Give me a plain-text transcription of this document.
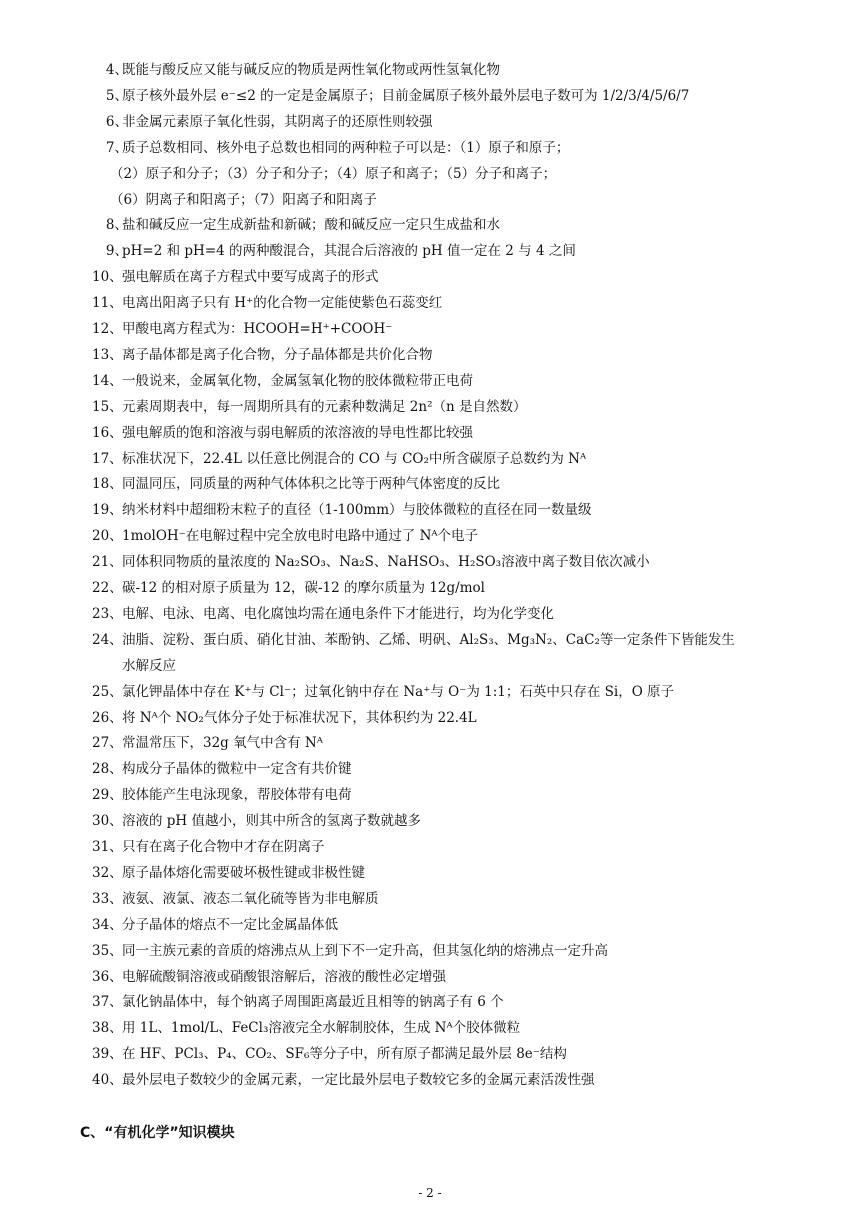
4、
既能与酸反应又能与碱反应的物质是两性氧化物或两性氢氧化物
5、
原子核外最外层 e⁻≤2 的一定是金属原子；目前金属原子核外最外层电子数可为 1/2/3/4/5/6/7
6、
非金属元素原子氧化性弱，其阴离子的还原性则较强
7、
质子总数相同、核外电子总数也相同的两种粒子可以是：（1）原子和原子；
（2）原子和分子；（3）分子和分子；（4）原子和离子；（5）分子和离子；
（6）阴离子和阳离子；（7）阳离子和阳离子
8、
盐和碱反应一定生成新盐和新碱；酸和碱反应一定只生成盐和水
9、
pH=2 和 pH=4 的两种酸混合，其混合后溶液的 pH 值一定在 2 与 4 之间
10、 强电解质在离子方程式中要写成离子的形式
11、 电离出阳离子只有 H⁺的化合物一定能使紫色石蕊变红
12、 甲酸电离方程式为：HCOOH=H⁺+COOH⁻
13、 离子晶体都是离子化合物，分子晶体都是共价化合物
14、 一般说来，金属氧化物，金属氢氧化物的胶体微粒带正电荷
15、 元素周期表中，每一周期所具有的元素种数满足 2n²（n 是自然数）
16、 强电解质的饱和溶液与弱电解质的浓溶液的导电性都比较强
17、 标准状况下，22.4L 以任意比例混合的 CO 与 CO₂中所含碳原子总数约为 Nᴬ
18、 同温同压，同质量的两种气体体积之比等于两种气体密度的反比
19、 纳米材料中超细粉末粒子的直径（1-100mm）与胶体微粒的直径在同一数量级
20、 1molOH⁻在电解过程中完全放电时电路中通过了 Nᴬ个电子
21、 同体积同物质的量浓度的 Na₂SO₃、Na₂S、NaHSO₃、H₂SO₃溶液中离子数目依次减小
22、 碳-12 的相对原子质量为 12，碳-12 的摩尔质量为 12g/mol
23、 电解、电泳、电离、电化腐蚀均需在通电条件下才能进行，均为化学变化
24、 油脂、淀粉、蛋白质、硝化甘油、苯酚钠、乙烯、明矾、Al₂S₃、Mg₃N₂、CaC₂等一定条件下皆能发生
水解反应
25、 氯化钾晶体中存在 K⁺与 Cl⁻；过氧化钠中存在 Na⁺与 O⁻为 1:1；石英中只存在 Si，O 原子
26、 将 Nᴬ个 NO₂气体分子处于标准状况下，其体积约为 22.4L
27、 常温常压下，32g 氧气中含有 Nᴬ
28、 构成分子晶体的微粒中一定含有共价键
29、 胶体能产生电泳现象，帮胶体带有电荷
30、 溶液的 pH 值越小，则其中所含的氢离子数就越多
31、 只有在离子化合物中才存在阴离子
32、 原子晶体熔化需要破坏极性键或非极性键
33、 液氨、液氯、液态二氧化硫等皆为非电解质
34、 分子晶体的熔点不一定比金属晶体低
35、 同一主族元素的音质的熔沸点从上到下不一定升高，但其氢化纳的熔沸点一定升高
36、 电解硫酸铜溶液或硝酸银溶解后，溶液的酸性必定增强
37、 氯化钠晶体中，每个钠离子周围距离最近且相等的钠离子有 6 个
38、 用 1L、1mol/L、FeCl₃溶液完全水解制胶体，生成 Nᴬ个胶体微粒
39、 在 HF、PCl₃、P₄、CO₂、SF₆等分子中，所有原子都满足最外层 8e⁻结构
40、 最外层电子数较少的金属元素，一定比最外层电子数较它多的金属元素活泼性强
C、“有机化学”知识模块
- 2 -
